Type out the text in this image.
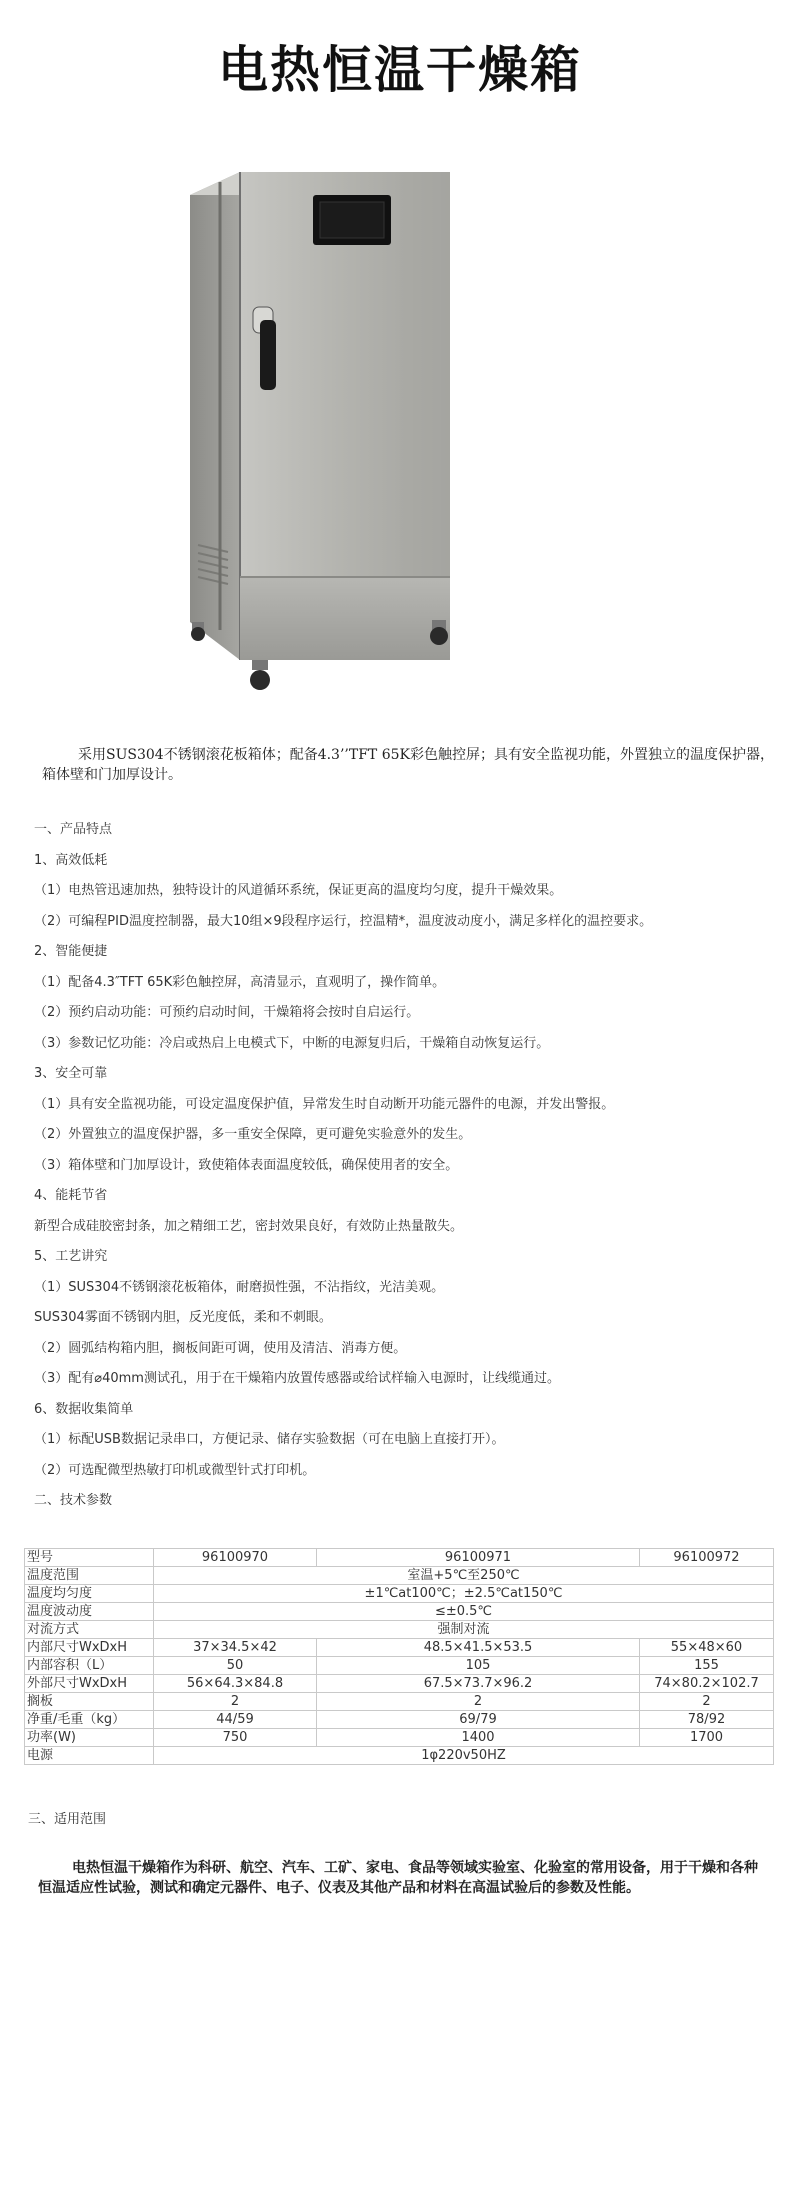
电热恒温干燥箱
采用SUS304不锈钢滚花板箱体；配备4.3’’TFT 65K彩色触控屏；具有安全监视功能，外置独立的温度保护器，箱体壁和门加厚设计。
一、产品特点
1、高效低耗
（1）电热管迅速加热，独特设计的风道循环系统，保证更高的温度均匀度，提升干燥效果。
（2）可编程PID温度控制器，最大10组×9段程序运行，控温精*，温度波动度小，满足多样化的温控要求。
2、智能便捷
（1）配备4.3″TFT 65K彩色触控屏，高清显示，直观明了，操作简单。
（2）预约启动功能：可预约启动时间，干燥箱将会按时自启运行。
（3）参数记忆功能：冷启或热启上电模式下，中断的电源复归后，干燥箱自动恢复运行。
3、安全可靠
（1）具有安全监视功能，可设定温度保护值，异常发生时自动断开功能元器件的电源，并发出警报。
（2）外置独立的温度保护器，多一重安全保障，更可避免实验意外的发生。
（3）箱体壁和门加厚设计，致使箱体表面温度较低，确保使用者的安全。
4、能耗节省
新型合成硅胶密封条，加之精细工艺，密封效果良好，有效防止热量散失。
5、工艺讲究
（1）SUS304不锈钢滚花板箱体，耐磨损性强，不沾指纹，光洁美观。
SUS304雾面不锈钢内胆，反光度低，柔和不刺眼。
（2）圆弧结构箱内胆，搁板间距可调，使用及清洁、消毒方便。
（3）配有⌀40mm测试孔，用于在干燥箱内放置传感器或给试样输入电源时，让线缆通过。
6、数据收集简单
（1）标配USB数据记录串口，方便记录、储存实验数据（可在电脑上直接打开）。
（2）可选配微型热敏打印机或微型针式打印机。
二、技术参数
型号	96100970	96100971	96100972
温度范围	室温+5℃至250℃		
温度均匀度	±1℃at100℃；±2.5℃at150℃		
温度波动度	≤±0.5℃		
对流方式	强制对流		
内部尺寸WxDxH	37×34.5×42	48.5×41.5×53.5	55×48×60
内部容积（L）	50	105	155
外部尺寸WxDxH	56×64.3×84.8	67.5×73.7×96.2	74×80.2×102.7
搁板	2	2	2
净重/毛重（kg）	44/59	69/79	78/92
功率(W)	750	1400	1700
电源	1φ220v50HZ		
三、适用范围
电热恒温干燥箱作为科研、航空、汽车、工矿、家电、食品等领域实验室、化验室的常用设备，用于干燥和各种恒温适应性试验，测试和确定元器件、电子、仪表及其他产品和材料在高温试验后的参数及性能。
